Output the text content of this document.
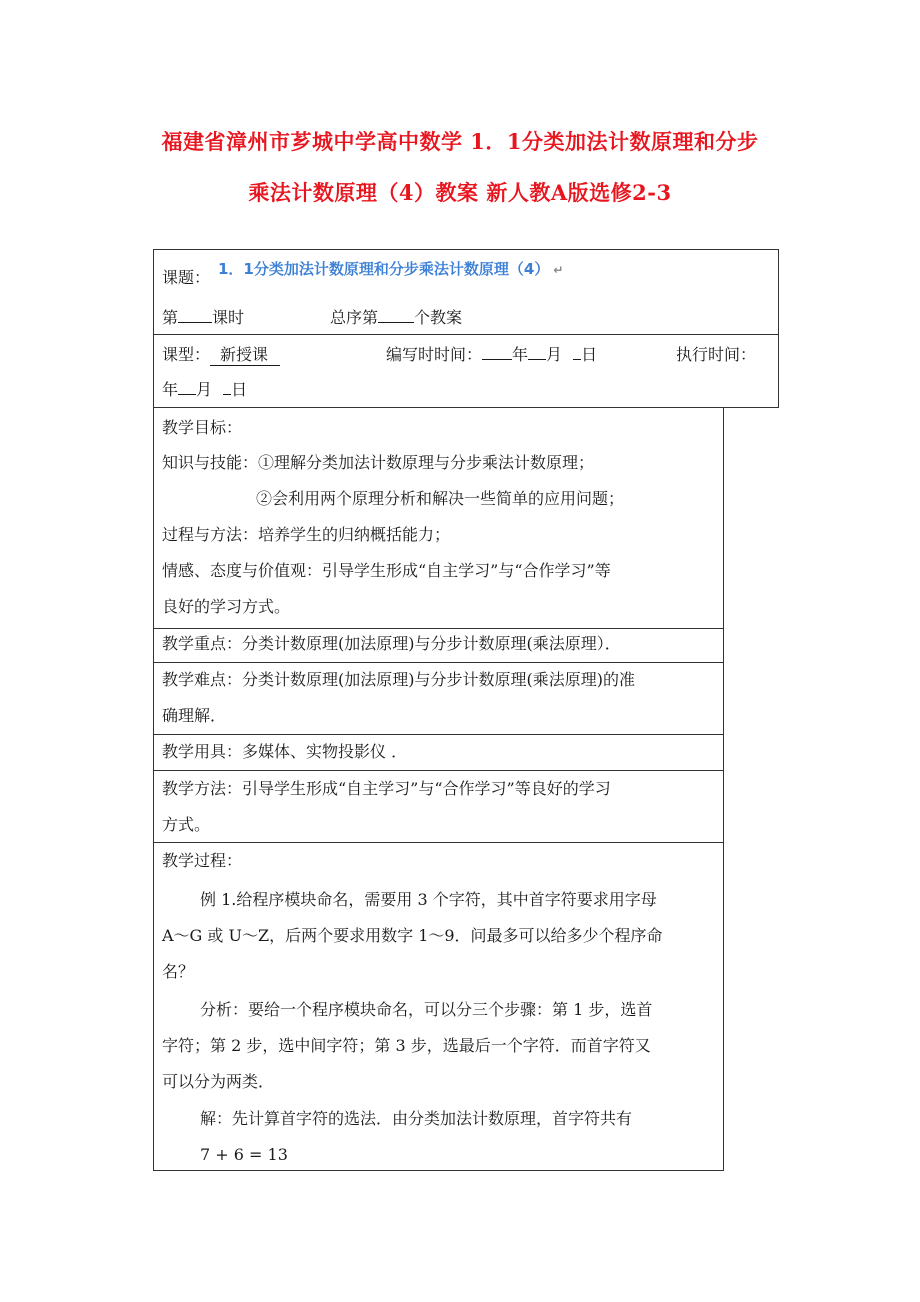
福建省漳州市芗城中学高中数学 1．1分类加法计数原理和分步
乘法计数原理（4）教案 新人教A版选修2-3
课题： 1．1分类加法计数原理和分步乘法计数原理（4） ↵
第 课时	总序第 个教案
课型： 新授课	编写时时间： 年 月 日	执行时间：
年 月 日
教学目标：
知识与技能：①理解分类加法计数原理与分步乘法计数原理；
②会利用两个原理分析和解决一些简单的应用问题；
过程与方法：培养学生的归纳概括能力；
情感、态度与价值观：引导学生形成“自主学习”与“合作学习”等
良好的学习方式。
教学重点：分类计数原理(加法原理)与分步计数原理(乘法原理）．
教学难点：分类计数原理(加法原理)与分步计数原理(乘法原理)的准
确理解．
教学用具：多媒体、实物投影仪 ．
教学方法：引导学生形成“自主学习”与“合作学习”等良好的学习
方式。
教学过程：
例 1.给程序模块命名，需要用 3 个字符，其中首字符要求用字母
A～G 或 U～Z，后两个要求用数字 1～9．问最多可以给多少个程序命
名？
分析：要给一个程序模块命名，可以分三个步骤：第 1 步，选首
字符；第 2 步，选中间字符；第 3 步，选最后一个字符．而首字符又
可以分为两类．
解：先计算首字符的选法．由分类加法计数原理，首字符共有
7 + 6 = 13
